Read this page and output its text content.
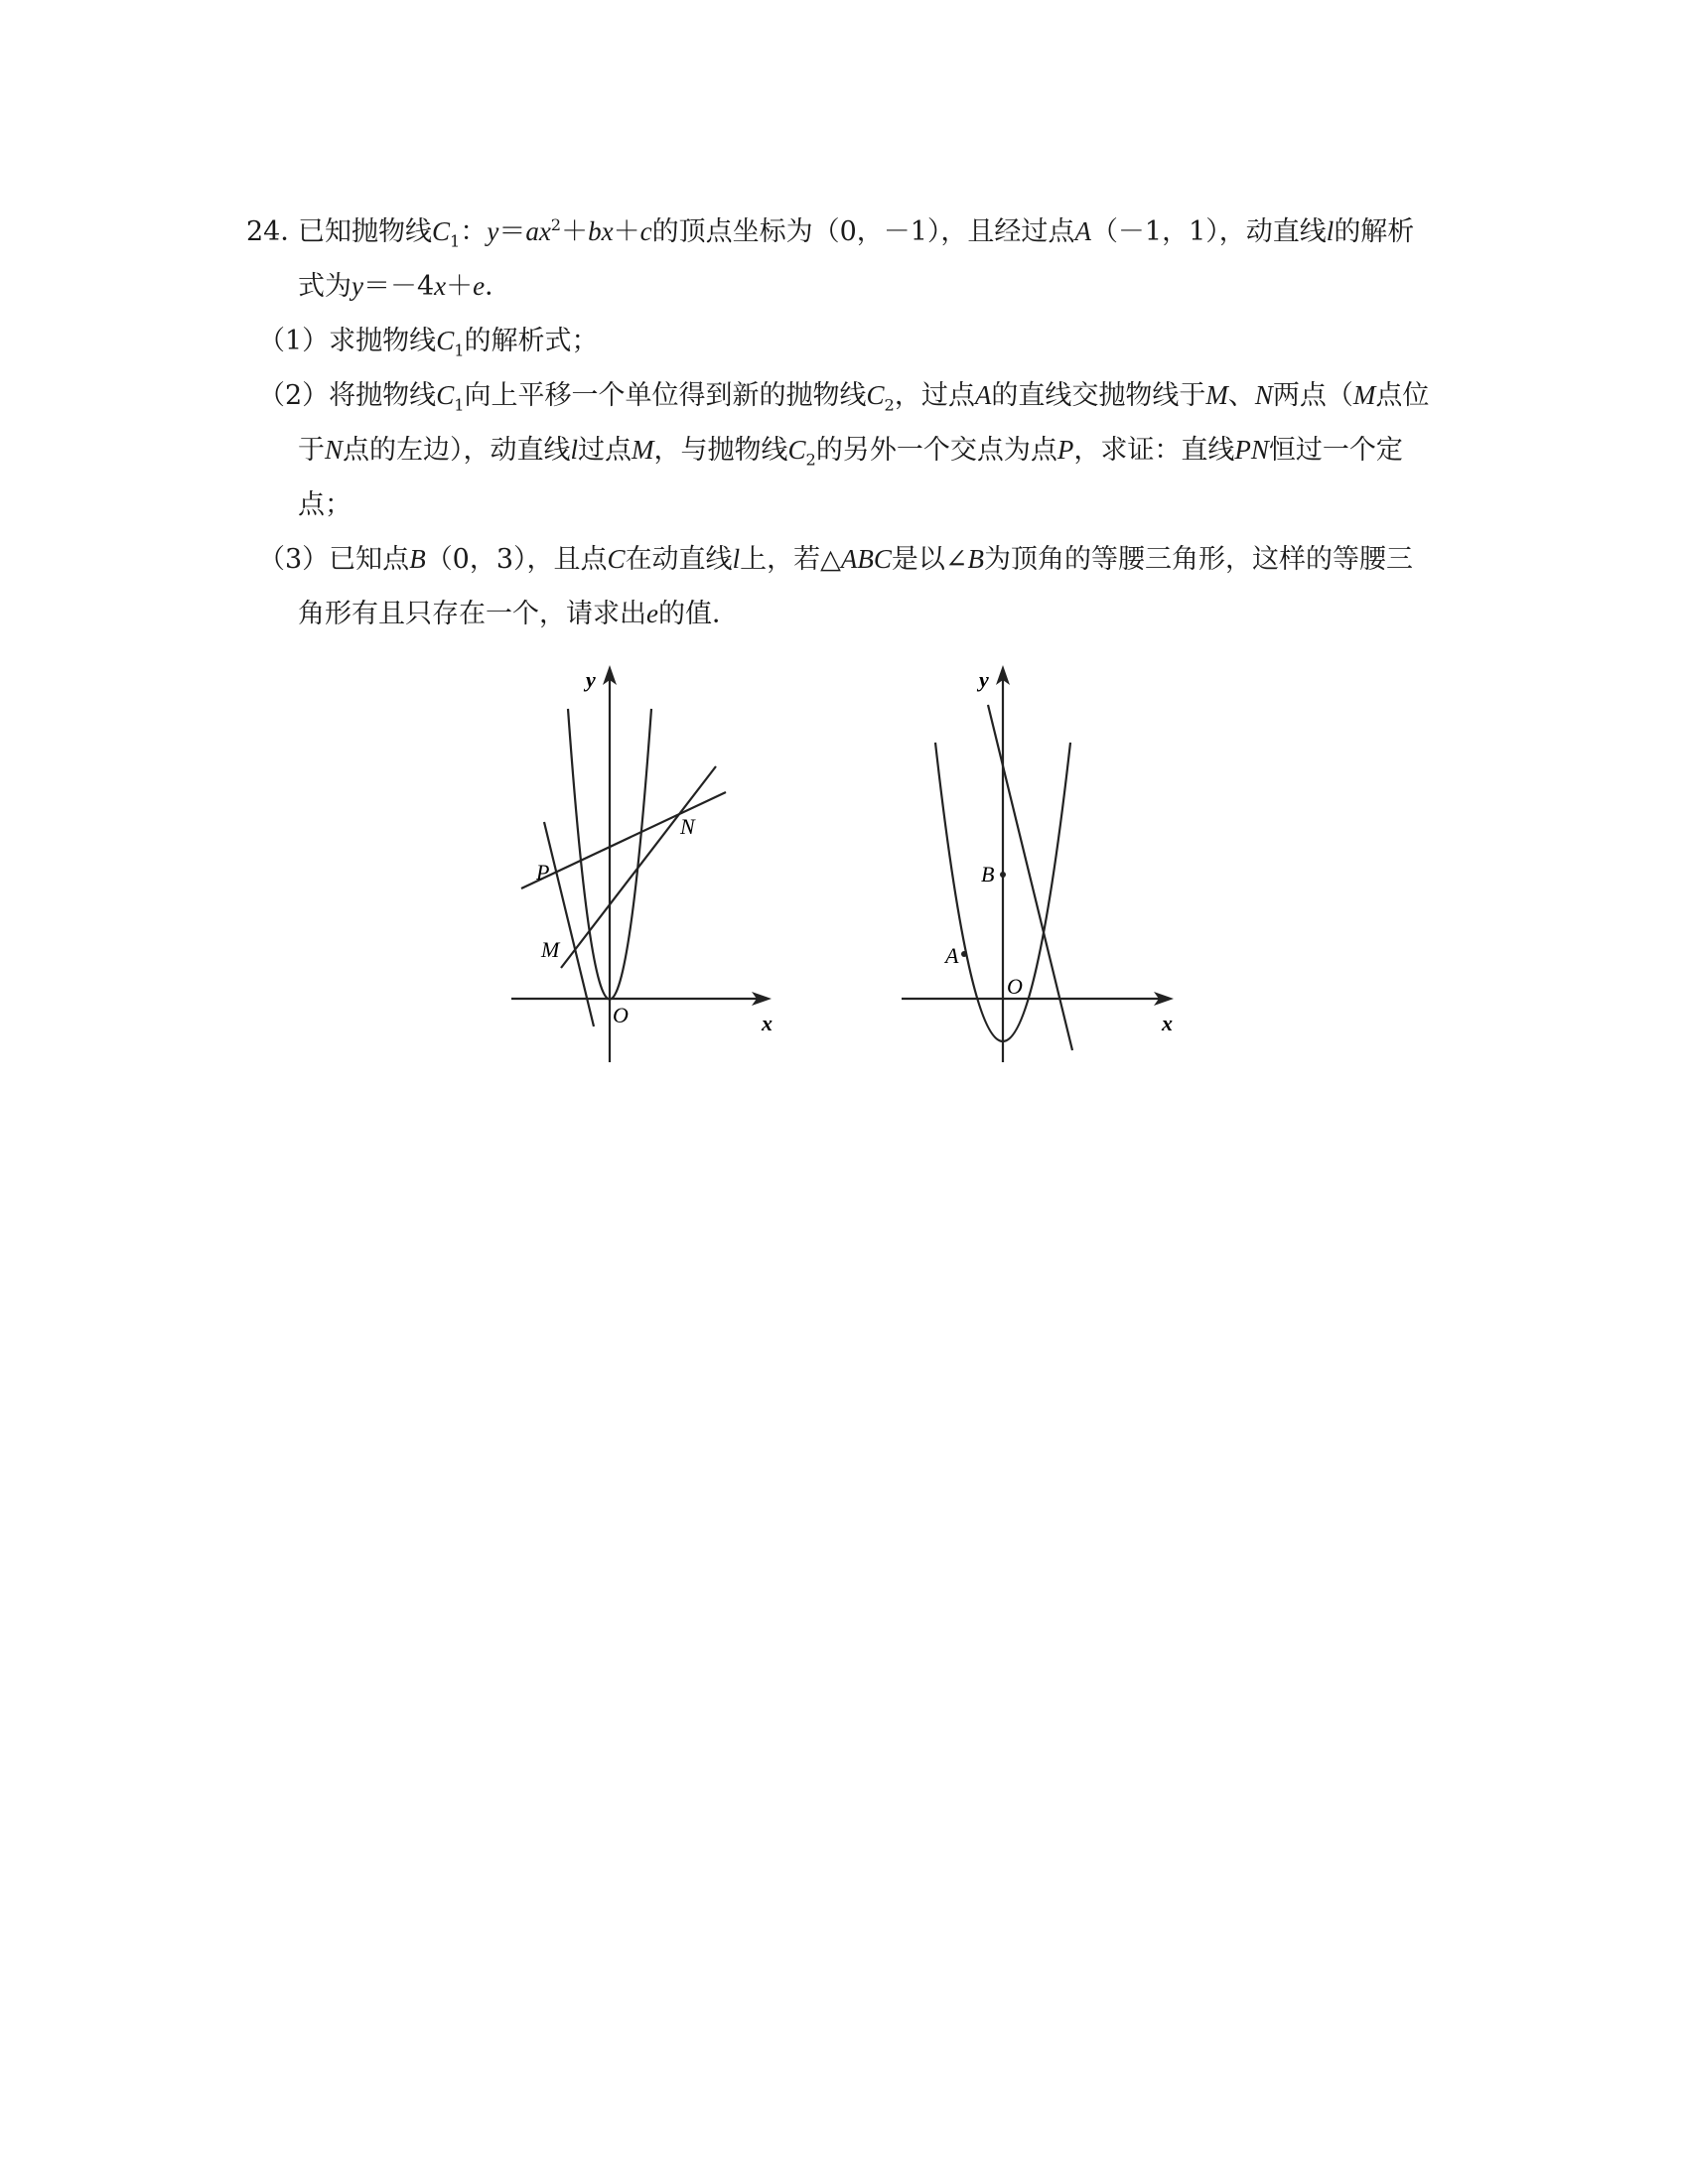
24．已知抛物线$C_1$：$y=ax^2+bx+c$的顶点坐标为（0，－1），且经过点A（－1，1），动直线l的解析式为y＝－4x＋e．

（1）求抛物线$C_1$的解析式；

（2）将抛物线$C_1$向上平移一个单位得到新的抛物线$C_2$，过点A的直线交抛物线于M、N两点（M点位于N点的左边），动直线l过点M，与抛物线$C_2$的另外一个交点为点P，求证：直线PN恒过一个定点；

（3）已知点B（0，3），且点C在动直线l上，若△ABC是以∠B为顶角的等腰三角形，这样的等腰三角形有且只存在一个，请求出e的值．

y
x
O
P
M
N
y
x
O
B
A
